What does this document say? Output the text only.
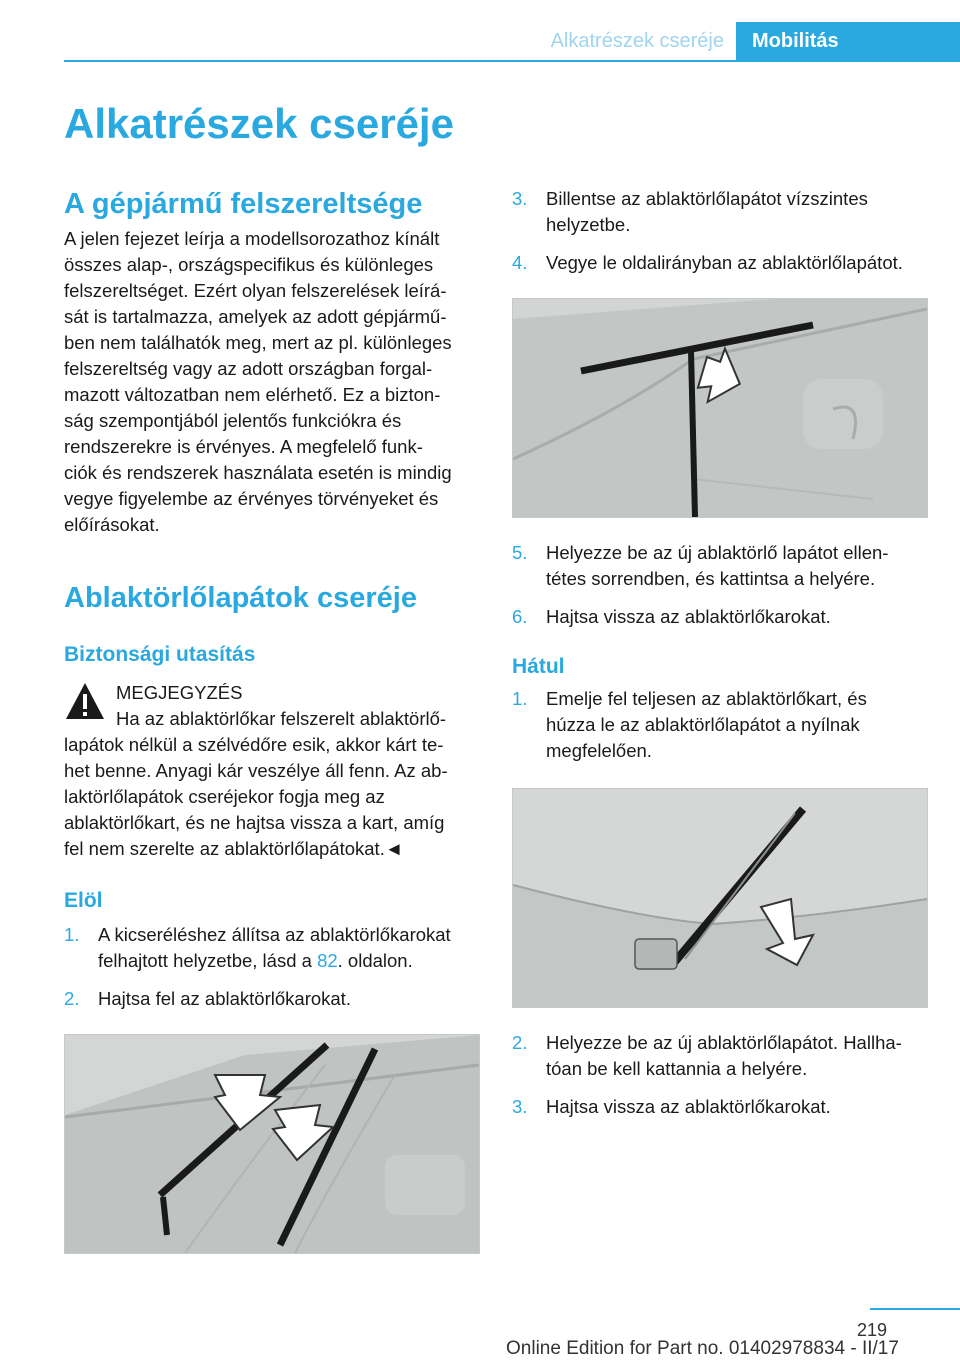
Alkatrészek cseréje	Mobilitás
Alkatrészek cseréje
A gépjármű felszereltsége
A jelen fejezet leírja a modellsorozathoz kínált
összes alap-, országspecifikus és különleges
felszereltséget. Ezért olyan felszerelések leírá-
sát is tartalmazza, amelyek az adott gépjármű-
ben nem találhatók meg, mert az pl. különleges
felszereltség vagy az adott országban forgal-
mazott változatban nem elérhető. Ez a bizton-
ság szempontjából jelentős funkciókra és
rendszerekre is érvényes. A megfelelő funk-
ciók és rendszerek használata esetén is mindig
vegye figyelembe az érvényes törvényeket és
előírásokat.
Ablaktörlőlapátok cseréje
Biztonsági utasítás
MEGJEGYZÉS
Ha az ablaktörlőkar felszerelt ablaktörlő-
lapátok nélkül a szélvédőre esik, akkor kárt te-
het benne. Anyagi kár veszélye áll fenn. Az ab-
laktörlőlapátok cseréjekor fogja meg az
ablaktörlőkart, és ne hajtsa vissza a kart, amíg
fel nem szerelte az ablaktörlőlapátokat.◄
Elöl
1. A kicseréléshez állítsa az ablaktörlőkarokat
felhajtott helyzetbe, lásd a 82. oldalon.
2. Hajtsa fel az ablaktörlőkarokat.
3. Billentse az ablaktörlőlapátot vízszintes
helyzetbe.
4. Vegye le oldalirányban az ablaktörlőlapátot.
5. Helyezze be az új ablaktörlő lapátot ellen-
tétes sorrendben, és kattintsa a helyére.
6. Hajtsa vissza az ablaktörlőkarokat.
Hátul
1. Emelje fel teljesen az ablaktörlőkart, és
húzza le az ablaktörlőlapátot a nyílnak
megfelelően.
2. Helyezze be az új ablaktörlőlapátot. Hallha-
tóan be kell kattannia a helyére.
3. Hajtsa vissza az ablaktörlőkarokat.
219
Online Edition for Part no. 01402978834 - II/17
